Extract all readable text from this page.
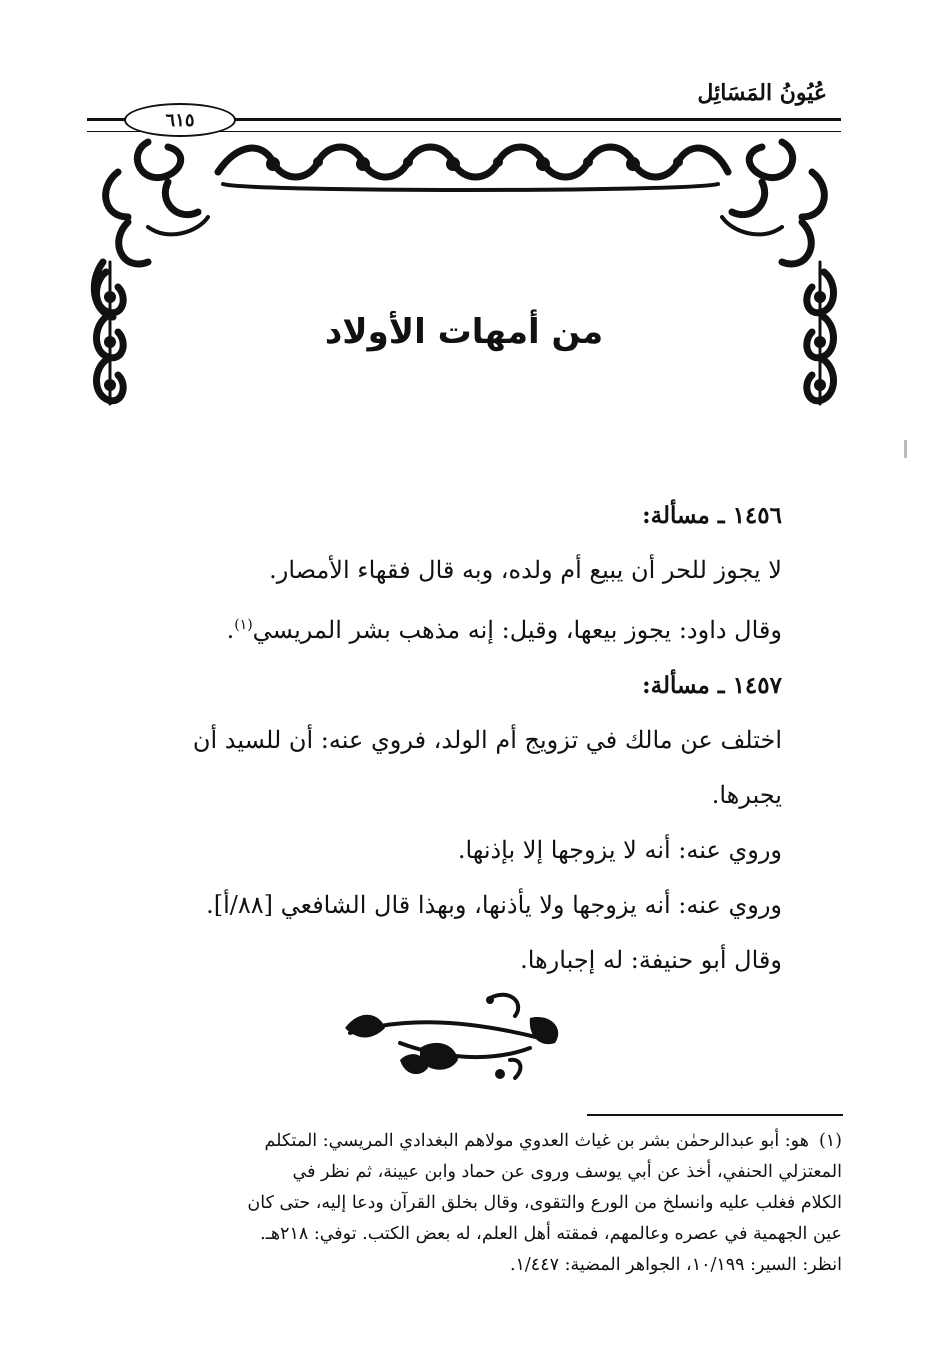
عُيُونُ المَسَائِل
٦١٥
من أمهات الأولاد

١٤٥٦ ـ مسألة:

لا يجوز للحر أن يبيع أم ولده، وبه قال فقهاء الأمصار.

وقال داود: يجوز بيعها، وقيل: إنه مذهب بشر المريسي$^{(١)}$.

١٤٥٧ ـ مسألة:

اختلف عن مالك في تزويج أم الولد، فروي عنه: أن للسيد أن

يجبرها.

وروي عنه: أنه لا يزوجها إلا بإذنها.

وروي عنه: أنه يزوجها ولا يأذنها، وبهذا قال الشافعي [٨٨/أ].

وقال أبو حنيفة: له إجبارها.

(١)هو: أبو عبدالرحمٰن بشر بن غياث العدوي مولاهم البغدادي المريسي: المتكلم
المعتزلي الحنفي، أخذ عن أبي يوسف وروى عن حماد وابن عيينة، ثم نظر في
الكلام فغلب عليه وانسلخ من الورع والتقوى، وقال بخلق القرآن ودعا إليه، حتى كان
عين الجهمية في عصره وعالمهم، فمقته أهل العلم، له بعض الكتب. توفي: ٢١٨هـ.
انظر: السير: ١٠/١٩٩، الجواهر المضية: ١/٤٤٧.
